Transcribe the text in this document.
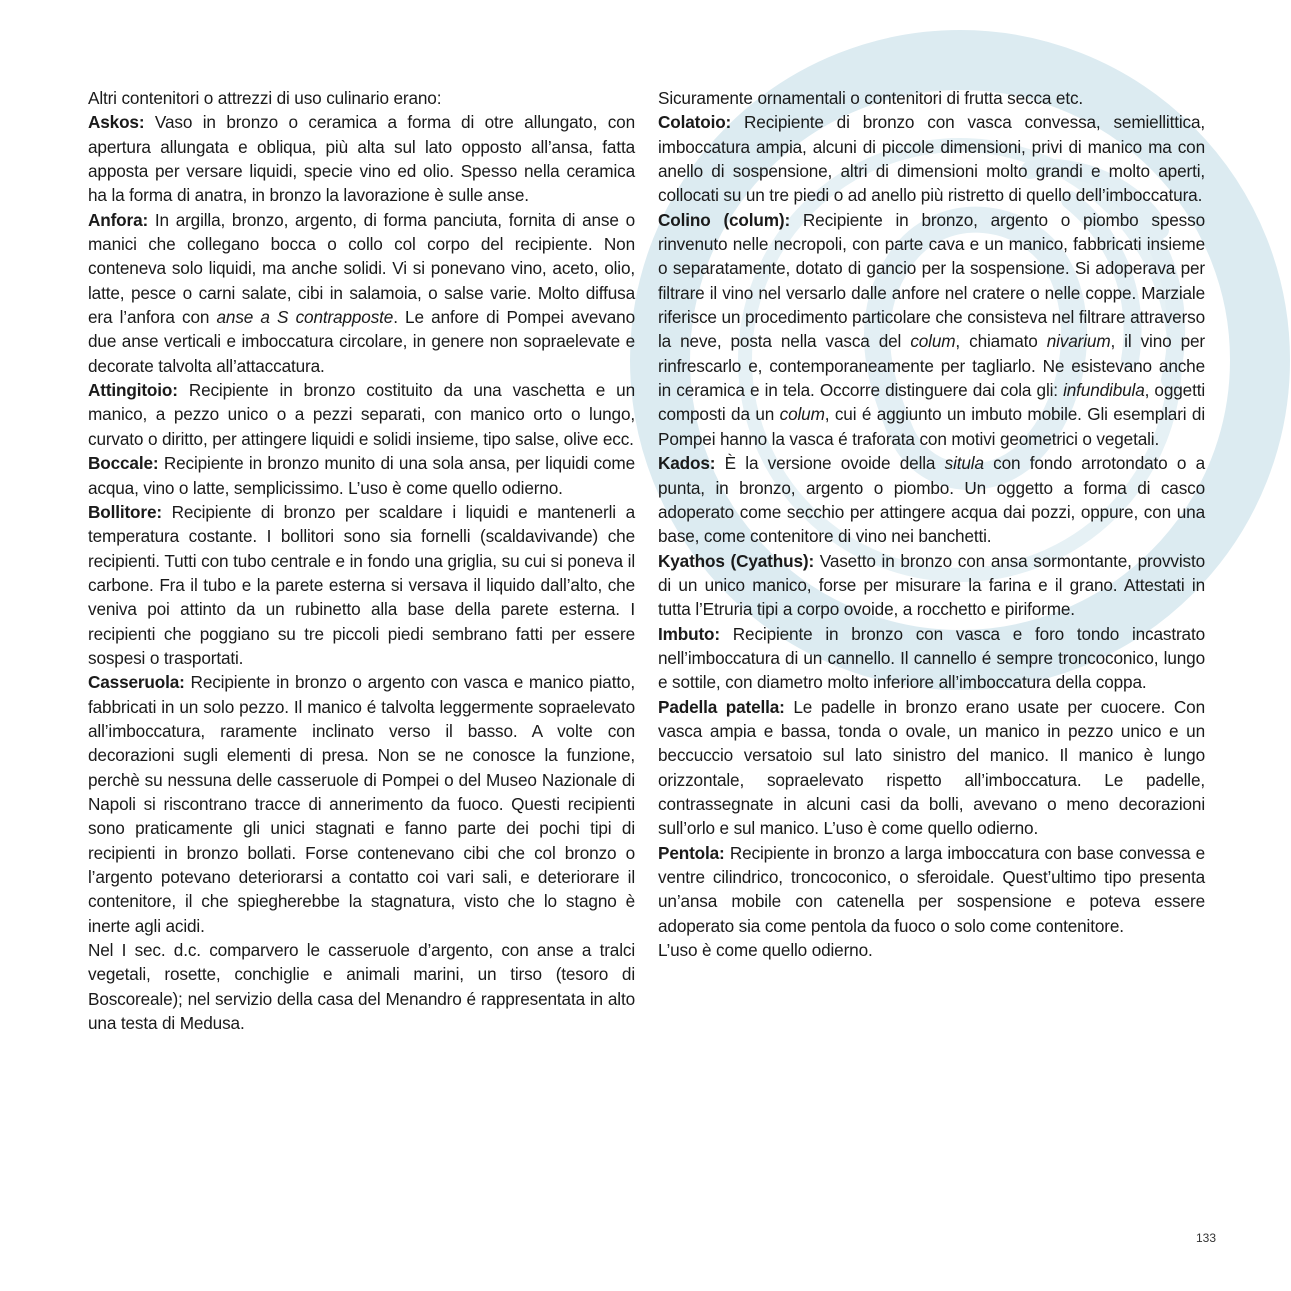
Altri contenitori o attrezzi di uso culinario erano:

Askos: Vaso in bronzo o ceramica a forma di otre allungato, con apertura allungata e obliqua, più alta sul lato opposto all’ansa, fatta apposta per versare liquidi, specie vino ed olio. Spesso nella ceramica ha la forma di anatra, in bronzo la lavorazione è sulle anse.

Anfora: In argilla, bronzo, argento, di forma panciuta, fornita di anse o manici che collegano bocca o collo col corpo del recipiente. Non conteneva solo liquidi, ma anche solidi. Vi si ponevano vino, aceto, olio, latte, pesce o carni salate, cibi in salamoia, o salse varie. Molto diffusa era l’anfora con anse a S contrapposte. Le anfore di Pompei avevano due anse verticali e imboccatura circolare, in genere non sopraelevate e decorate talvolta all’attaccatura.

Attingitoio: Recipiente in bronzo costituito da una vaschetta e un manico, a pezzo unico o a pezzi separati, con manico orto o lungo, curvato o diritto, per attingere liquidi e solidi insieme, tipo salse, olive ecc.

Boccale: Recipiente in bronzo munito di una sola ansa, per liquidi come acqua, vino o latte, semplicissimo. L’uso è come quello odierno.

Bollitore: Recipiente di bronzo per scaldare i liquidi e mantenerli a temperatura costante. I bollitori sono sia fornelli (scaldavivande) che recipienti. Tutti con tubo centrale e in fondo una griglia, su cui si poneva il carbone. Fra il tubo e la parete esterna si versava il liquido dall’alto, che veniva poi attinto da un rubinetto alla base della parete esterna. I recipienti che poggiano su tre piccoli piedi sembrano fatti per essere sospesi o trasportati.

Casseruola: Recipiente in bronzo o argento con vasca e manico piatto, fabbricati in un solo pezzo. Il manico é talvolta leggermente sopraelevato all’imboccatura, raramente inclinato verso il basso. A volte con decorazioni sugli elementi di presa. Non se ne conosce la funzione, perchè su nessuna delle casseruole di Pompei o del Museo Nazionale di Napoli si riscontrano tracce di annerimento da fuoco. Questi recipienti sono praticamente gli unici stagnati e fanno parte dei pochi tipi di recipienti in bronzo bollati. Forse contenevano cibi che col bronzo o l’argento potevano deteriorarsi a contatto coi vari sali, e deteriorare il contenitore, il che spiegherebbe la stagnatura, visto che lo stagno è inerte agli acidi.

Nel I sec. d.c. comparvero le casseruole d’argento, con anse a tralci vegetali, rosette, conchiglie e animali marini, un tirso (tesoro di Boscoreale); nel servizio della casa del Menandro é rappresentata in alto una testa di Medusa.

Sicuramente ornamentali o contenitori di frutta secca etc.

Colatoio: Recipiente di bronzo con vasca convessa, semiellittica, imboccatura ampia, alcuni di piccole dimensioni, privi di manico ma con anello di sospensione, altri di dimensioni molto grandi e molto aperti, collocati su un tre piedi o ad anello più ristretto di quello dell’imboccatura.

Colino (colum): Recipiente in bronzo, argento o piombo spesso rinvenuto nelle necropoli, con parte cava e un manico, fabbricati insieme o separatamente, dotato di gancio per la sospensione. Si adoperava per filtrare il vino nel versarlo dalle anfore nel cratere o nelle coppe. Marziale riferisce un procedimento particolare che consisteva nel filtrare attraverso la neve, posta nella vasca del colum, chiamato nivarium, il vino per rinfrescarlo e, contemporaneamente per tagliarlo. Ne esistevano anche in ceramica e in tela. Occorre distinguere dai cola gli: infundibula, oggetti composti da un colum, cui é aggiunto un imbuto mobile. Gli esemplari di Pompei hanno la vasca é traforata con motivi geometrici o vegetali.

Kados: È la versione ovoide della situla con fondo arrotondato o a punta, in bronzo, argento o piombo. Un oggetto a forma di casco adoperato come secchio per attingere acqua dai pozzi, oppure, con una base, come contenitore di vino nei banchetti.

Kyathos (Cyathus): Vasetto in bronzo con ansa sormontante, provvisto di un unico manico, forse per misurare la farina e il grano. Attestati in tutta l’Etruria tipi a corpo ovoide, a rocchetto e piriforme.

Imbuto: Recipiente in bronzo con vasca e foro tondo incastrato nell’imboccatura di un cannello. Il cannello é sempre troncoconico, lungo e sottile, con diametro molto inferiore all’imboccatura della coppa.

Padella patella: Le padelle in bronzo erano usate per cuocere. Con vasca ampia e bassa, tonda o ovale, un manico in pezzo unico e un beccuccio versatoio sul lato sinistro del manico. Il manico è lungo orizzontale, sopraelevato rispetto all’imboccatura. Le padelle, contrassegnate in alcuni casi da bolli, avevano o meno decorazioni sull’orlo e sul manico. L’uso è come quello odierno.

Pentola: Recipiente in bronzo a larga imboccatura con base convessa e ventre cilindrico, troncoconico, o sferoidale. Quest’ultimo tipo presenta un’ansa mobile con catenella per sospensione e poteva essere adoperato sia come pentola da fuoco o solo come contenitore.

L’uso è come quello odierno.

133
